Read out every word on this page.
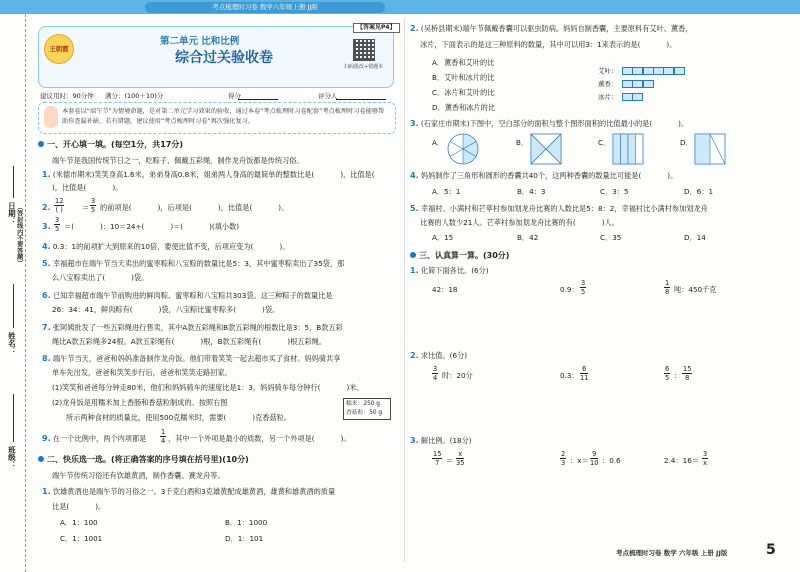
考点梳理时习卷 数学六年级上册 JJ版
日期： （答封线内不要答题）
姓名：
班级：
王朝霞
第二单元 比和比例
综合过关验收卷
【答案见P4】
扫码批改+错题本
建议用时：90分钟 满分：(100＋10)分	得分	评分人
本套卷以“端午节”为情境命题，是对第二单元学习效果的验收，通过本卷“考点梳理时习卷配套”考点梳理时习卷能够帮助你查漏补缺，若有错题，建议使用“考点梳理时习卷”再次强化复习。
一、开心填一填。(每空1分，共17分)
端午节是我国传统节日之一，吃粽子、佩戴五彩绳、制作龙舟饭都是传统习俗。
1. (米德市期末)笑笑身高1.6米，弟弟身高0.8米，姐弟两人身高的最简单的整数比是(	)，比值是(
)，比值是(	)。
2.
12
( )	＝ $\frac{3}{5}$ 的前项是(	)，后项是(	)，比值是(	)。
3. $\frac{3}{5}$ ＝(	)：10＝24÷(	)＝(	)(填小数)
4. 0.3：1的前项扩大到原来的10倍，要使比值不变，后项应变为(	)。
5. 幸福超市在端午节当天卖出的蜜枣粽和八宝粽的数量比是5：3，其中蜜枣粽卖出了35袋，那
么八宝粽卖出了(	)袋。
6. 已知幸福超市端午节前购进的鲜肉粽、蜜枣粽和八宝粽共303袋。这三种粽子的数量比是
26：34：41，鲜肉粽有(	)袋，八宝粽比蜜枣粽多(	)袋。
7. 张阿姨批发了一些五彩绳进行售卖，其中A款五彩绳和B款五彩绳的根数比是3：5，B款五彩
绳比A款五彩绳多24根。A款五彩绳有(	)根，B款五彩绳有(	)根五彩绳。
8. 端午节当天，爸爸和妈妈准备制作龙舟饭。他们带着笑笑一起去超市买了食材。妈妈骑共享
单车先出发，爸爸和笑笑步行后，爸爸和笑笑走路回家。
(1)笑笑和爸爸每分钟走80米，他们和妈妈骑车的速度比是1：3，妈妈骑车每分钟行(	)米。
(2)龙舟饭是用糯米加上香肠和香菇粒制成的。按照右图
所示两种食材的质量比，使用500克糯米时，需要(	)克香菇粒。
糯米：250 g
香菇粒：50 g
9. 在一个比例中，两个内项都是 $\frac{1}{4}$ ，其中一个外项是最小的质数，另一个外项是(	)。
二、快乐选一选。(将正确答案的序号填在括号里)(10分)
端午节传统习俗还有饮雄黄酒，制作香囊、赛龙舟等。
1. 饮雄黄酒也是端午节的习俗之一。3千克白酒和3克雄黄配成雄黄酒，雄黄和雄黄酒的质量
比是(	)。
A．1：100	B．1：1000
C．1：1001	D．1：101
2. (吴桥县期末)端午节佩戴香囊可以驱虫防病。妈妈自制香囊，主要原料有艾叶、薰香，
冰片，下面表示的是这三种原料的数量，其中可以用3：1来表示的是(	)。
A．薰香和艾叶的比
B．艾叶和冰片的比
C．冰片和艾叶的比
D．薰香和冰片的比
艾叶：
薰香：
冰片：
3. (石家庄市期末)下图中，空白部分的面积与整个图形面积的比值最小的是(	)。
A．	B．	C．	D．
4. 妈妈制作了三角形和圆形的香囊共40个，这两种香囊的数量比可能是(	)。
A．5：1	B．4：3	C．3：5	D．6：1
5. 幸福村、小满村和芒萃村参加划龙舟比赛的人数比是5：8：2，幸福村比小满村参加划龙舟
比赛的人数少21人。芒萃村参加划龙舟比赛的有(	)人。
A．15	B．42	C．35	D．14
三、认真算一算。(30分)
1. 化简下面各比。(6分)
42：18	0.9： $\frac{3}{5}$	$\frac{1}{8}$ 吨：450千克
2. 求比值。(6分)
$\frac{3}{4}$ 时：20分	0.3： $\frac{6}{11}$	$\frac{6}{5}$ ： $\frac{15}{8}$
3. 解比例。(18分)
$\frac{15}{7} = \frac{x}{35}$	$\frac{2}{3}$ ：$x= \frac{9}{10}$ ：0.6	2.4：$16= \frac{3}{x}$
考点梳理时习卷 数学 六年级 上册 JJ版	5
